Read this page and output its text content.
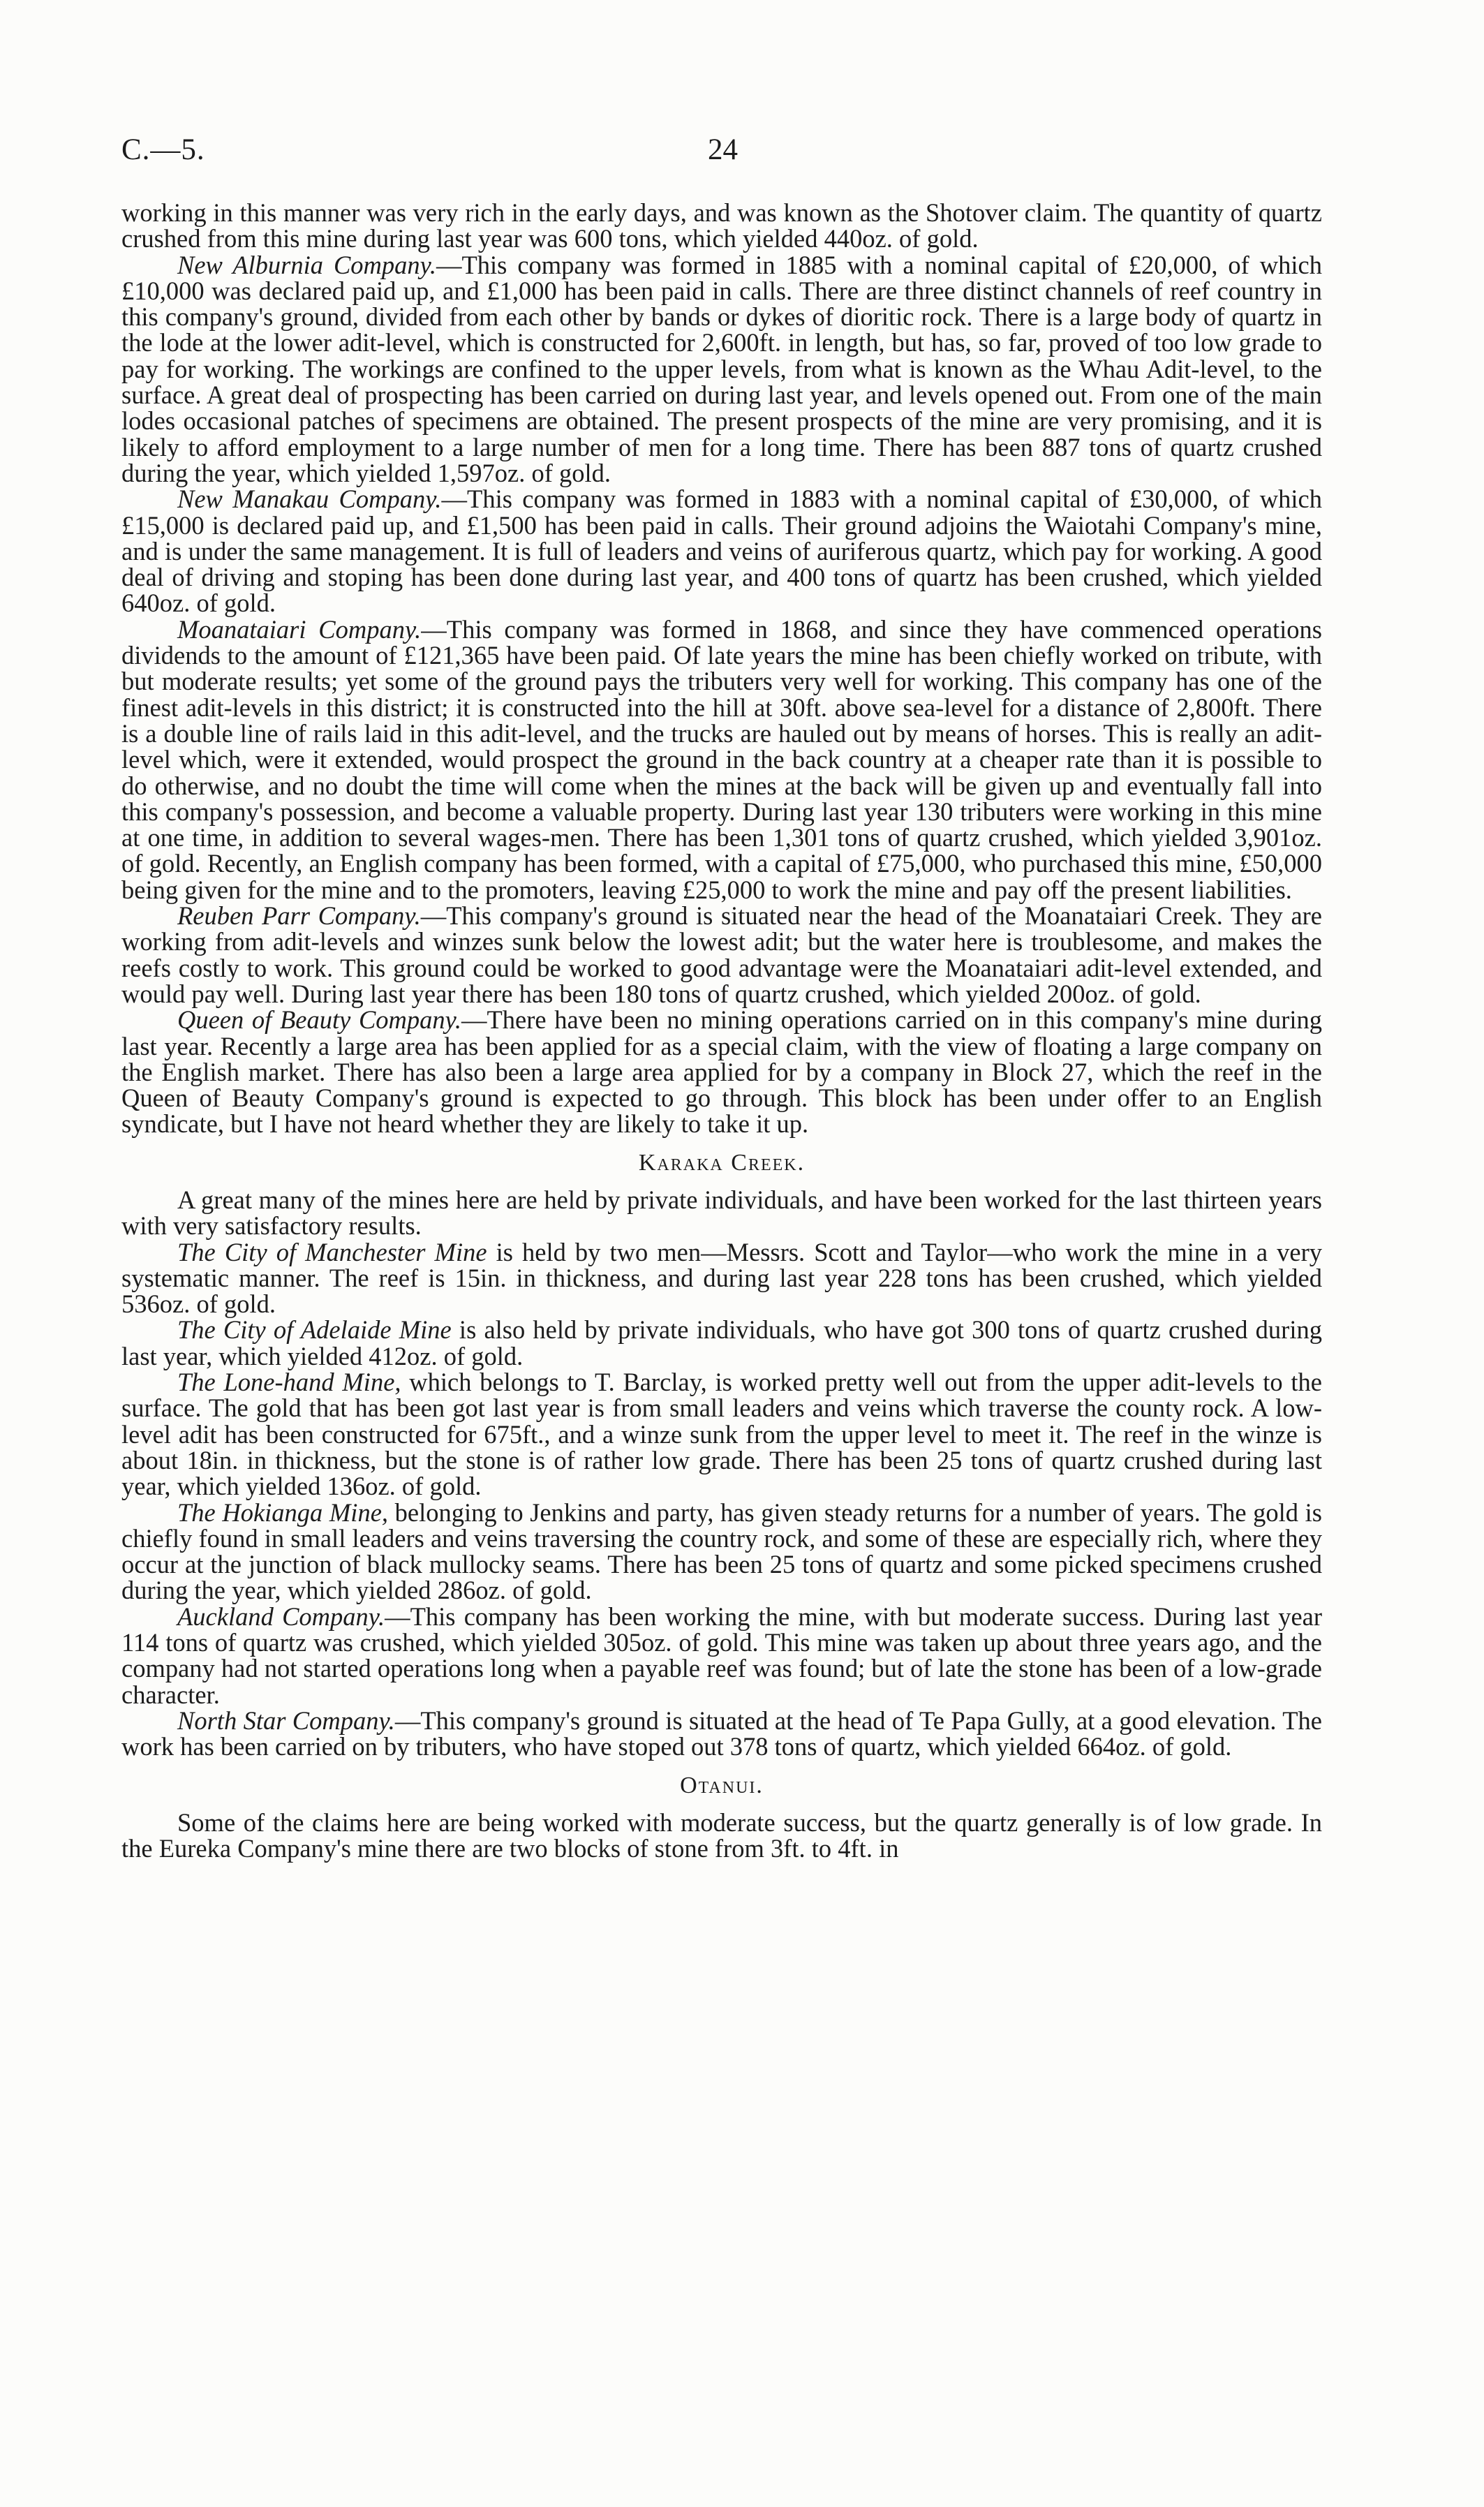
C.—5.	24

working in this manner was very rich in the early days, and was known as the Shotover claim. The quantity of quartz crushed from this mine during last year was 600 tons, which yielded 440oz. of gold.

New Alburnia Company.—This company was formed in 1885 with a nominal capital of £20,000, of which £10,000 was declared paid up, and £1,000 has been paid in calls. There are three distinct channels of reef country in this company's ground, divided from each other by bands or dykes of dioritic rock. There is a large body of quartz in the lode at the lower adit-level, which is constructed for 2,600ft. in length, but has, so far, proved of too low grade to pay for working. The workings are confined to the upper levels, from what is known as the Whau Adit-level, to the surface. A great deal of prospecting has been carried on during last year, and levels opened out. From one of the main lodes occasional patches of specimens are obtained. The present prospects of the mine are very promising, and it is likely to afford employment to a large number of men for a long time. There has been 887 tons of quartz crushed during the year, which yielded 1,597oz. of gold.

New Manakau Company.—This company was formed in 1883 with a nominal capital of £30,000, of which £15,000 is declared paid up, and £1,500 has been paid in calls. Their ground adjoins the Waiotahi Company's mine, and is under the same management. It is full of leaders and veins of auriferous quartz, which pay for working. A good deal of driving and stoping has been done during last year, and 400 tons of quartz has been crushed, which yielded 640oz. of gold.

Moanataiari Company.—This company was formed in 1868, and since they have commenced operations dividends to the amount of £121,365 have been paid. Of late years the mine has been chiefly worked on tribute, with but moderate results; yet some of the ground pays the tributers very well for working. This company has one of the finest adit-levels in this district; it is constructed into the hill at 30ft. above sea-level for a distance of 2,800ft. There is a double line of rails laid in this adit-level, and the trucks are hauled out by means of horses. This is really an adit-level which, were it extended, would prospect the ground in the back country at a cheaper rate than it is possible to do otherwise, and no doubt the time will come when the mines at the back will be given up and eventually fall into this company's possession, and become a valuable property. During last year 130 tributers were working in this mine at one time, in addition to several wages-men. There has been 1,301 tons of quartz crushed, which yielded 3,901oz. of gold. Recently, an English company has been formed, with a capital of £75,000, who purchased this mine, £50,000 being given for the mine and to the promoters, leaving £25,000 to work the mine and pay off the present liabilities.

Reuben Parr Company.—This company's ground is situated near the head of the Moanataiari Creek. They are working from adit-levels and winzes sunk below the lowest adit; but the water here is troublesome, and makes the reefs costly to work. This ground could be worked to good advantage were the Moanataiari adit-level extended, and would pay well. During last year there has been 180 tons of quartz crushed, which yielded 200oz. of gold.

Queen of Beauty Company.—There have been no mining operations carried on in this company's mine during last year. Recently a large area has been applied for as a special claim, with the view of floating a large company on the English market. There has also been a large area applied for by a company in Block 27, which the reef in the Queen of Beauty Company's ground is expected to go through. This block has been under offer to an English syndicate, but I have not heard whether they are likely to take it up.

Karaka Creek.

A great many of the mines here are held by private individuals, and have been worked for the last thirteen years with very satisfactory results.

The City of Manchester Mine is held by two men—Messrs. Scott and Taylor—who work the mine in a very systematic manner. The reef is 15in. in thickness, and during last year 228 tons has been crushed, which yielded 536oz. of gold.

The City of Adelaide Mine is also held by private individuals, who have got 300 tons of quartz crushed during last year, which yielded 412oz. of gold.

The Lone-hand Mine, which belongs to T. Barclay, is worked pretty well out from the upper adit-levels to the surface. The gold that has been got last year is from small leaders and veins which traverse the county rock. A low-level adit has been constructed for 675ft., and a winze sunk from the upper level to meet it. The reef in the winze is about 18in. in thickness, but the stone is of rather low grade. There has been 25 tons of quartz crushed during last year, which yielded 136oz. of gold.

The Hokianga Mine, belonging to Jenkins and party, has given steady returns for a number of years. The gold is chiefly found in small leaders and veins traversing the country rock, and some of these are especially rich, where they occur at the junction of black mullocky seams. There has been 25 tons of quartz and some picked specimens crushed during the year, which yielded 286oz. of gold.

Auckland Company.—This company has been working the mine, with but moderate success. During last year 114 tons of quartz was crushed, which yielded 305oz. of gold. This mine was taken up about three years ago, and the company had not started operations long when a payable reef was found; but of late the stone has been of a low-grade character.

North Star Company.—This company's ground is situated at the head of Te Papa Gully, at a good elevation. The work has been carried on by tributers, who have stoped out 378 tons of quartz, which yielded 664oz. of gold.

Otanui.

Some of the claims here are being worked with moderate success, but the quartz generally is of low grade. In the Eureka Company's mine there are two blocks of stone from 3ft. to 4ft. in
